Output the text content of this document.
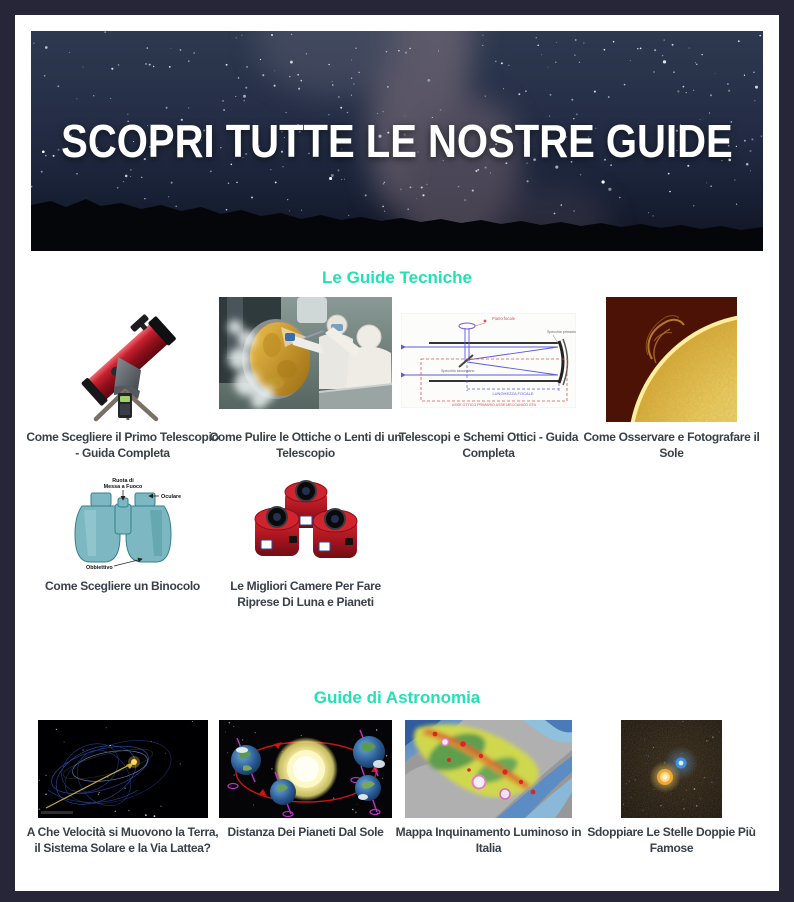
SCOPRI TUTTE LE NOSTRE GUIDE
Le Guide Tecniche
Come Scegliere il Primo Telescopio - Guida Completa
Come Pulire le Ottiche o Lenti di un Telescopio
Piano focale
Specchio secondario
Specchio primario
LUNGHEZZA FOCALE
ASSE OTTICO PRIMARIO ASSE MECCANICO EFA
Telescopi e Schemi Ottici - Guida Completa
Come Osservare e Fotografare il Sole
Ruota di
Messa a Fuoco
Oculare
Obbiettivo
Come Scegliere un Binocolo	Le Migliori Camere Per Fare Riprese Di Luna e Pianeti
Guide di Astronomia
A Che Velocità si Muovono la Terra, il Sistema Solare e la Via Lattea?
Distanza Dei Pianeti Dal Sole	Mappa Inquinamento Luminoso in Italia
Sdoppiare Le Stelle Doppie Più Famose
